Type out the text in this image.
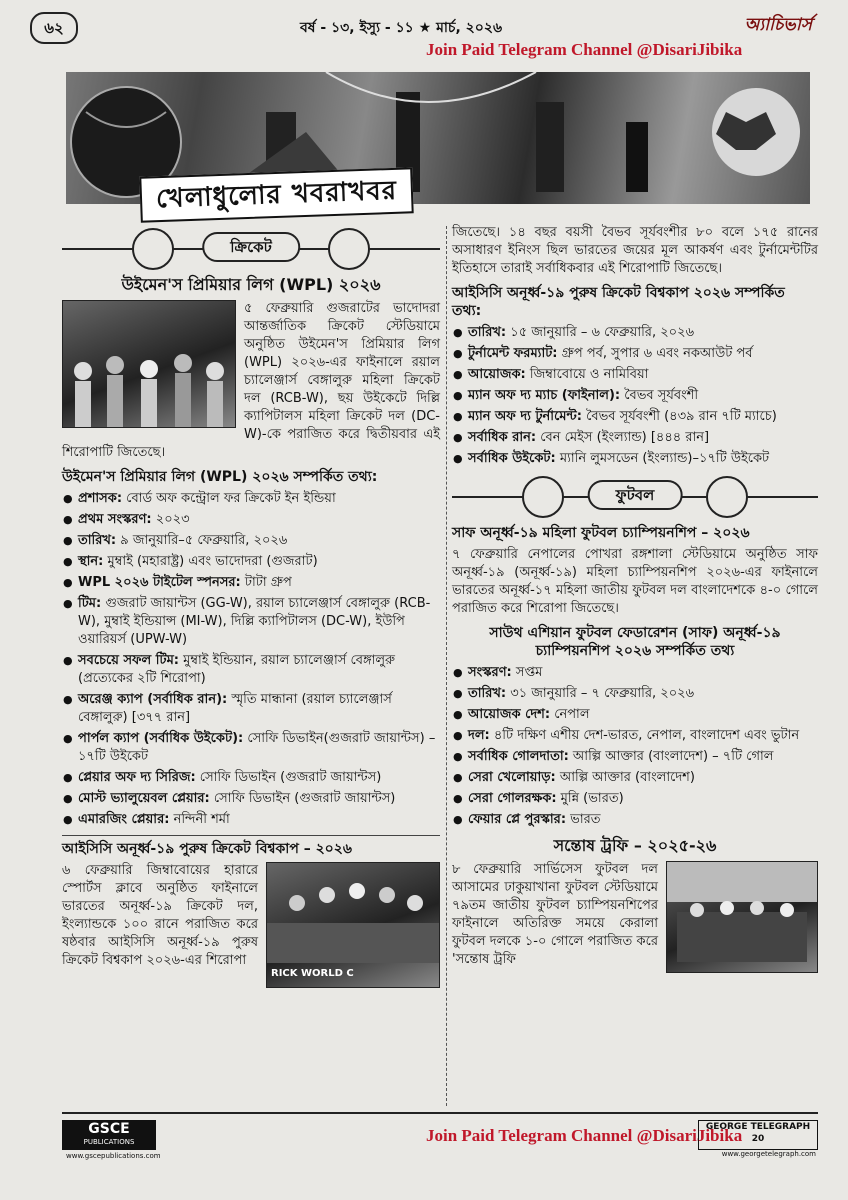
৬২	বর্ষ - ১৩, ইস্যু - ১১ ★ মার্চ, ২০২৬	অ্যাচিভার্স
Join Paid Telegram Channel @DisariJibika
খেলাধুলোর খবরাখবর
ক্রিকেট
উইমেন'স প্রিমিয়ার লিগ (WPL) ২০২৬

৫ ফেব্রুয়ারি গুজরাটের ভাদোদরা আন্তর্জাতিক ক্রিকেট স্টেডিয়ামে অনুষ্ঠিত উইমেন'স প্রিমিয়ার লিগ (WPL) ২০২৬-এর ফাইনালে রয়াল চ্যালেঞ্জার্স বেঙ্গালুরু মহিলা ক্রিকেট দল (RCB-W), ছয় উইকেটে দিল্লি ক্যাপিটালস মহিলা ক্রিকেট দল (DC-W)-কে পরাজিত করে দ্বিতীয়বার এই শিরোপাটি জিতেছে।

উইমেন'স প্রিমিয়ার লিগ (WPL) ২০২৬ সম্পর্কিত তথ্য:
● প্রশাসক: বোর্ড অফ কন্ট্রোল ফর ক্রিকেট ইন ইন্ডিয়া
● প্রথম সংস্করণ: ২০২৩
● তারিখ: ৯ জানুয়ারি–৫ ফেব্রুয়ারি, ২০২৬
● স্থান: মুম্বাই (মহারাষ্ট্র) এবং ভাদোদরা (গুজরাট)
● WPL ২০২৬ টাইটেল স্পনসর: টাটা গ্রুপ
● টিম: গুজরাট জায়ান্টস (GG-W), রয়াল চ্যালেঞ্জার্স বেঙ্গালুরু (RCB-W), মুম্বাই ইন্ডিয়ান্স (MI-W), দিল্লি ক্যাপিটালস (DC-W), ইউপি ওয়ারিয়র্স (UPW-W)
● সবচেয়ে সফল টিম: মুম্বাই ইন্ডিয়ান, রয়াল চ্যালেঞ্জার্স বেঙ্গালুরু (প্রত্যেকের ২টি শিরোপা)
● অরেঞ্জ ক্যাপ (সর্বাধিক রান): স্মৃতি মান্ধানা (রয়াল চ্যালেঞ্জার্স বেঙ্গালুরু) [৩৭৭ রান]
● পার্পল ক্যাপ (সর্বাধিক উইকেট): সোফি ডিভাইন(গুজরাট জায়ান্টস) – ১৭টি উইকেট
● প্লেয়ার অফ দ্য সিরিজ: সোফি ডিভাইন (গুজরাট জায়ান্টস)
● মোস্ট ভ্যালুয়েবল প্লেয়ার: সোফি ডিভাইন (গুজরাট জায়ান্টস)
● এমারজিং প্লেয়ার: নন্দিনী শর্মা
আইসিসি অনূর্ধ্ব-১৯ পুরুষ ক্রিকেট বিশ্বকাপ – ২০২৬
RICK WORLD C

৬ ফেব্রুয়ারি জিম্বাবোয়ের হারারে স্পোর্টস ক্লাবে অনুষ্ঠিত ফাইনালে ভারতের অনূর্ধ্ব-১৯ ক্রিকেট দল, ইংল্যান্ডকে ১০০ রানে পরাজিত করে ষষ্ঠবার আইসিসি অনূর্ধ্ব-১৯ পুরুষ ক্রিকেট বিশ্বকাপ ২০২৬-এর শিরোপা

জিতেছে। ১৪ বছর বয়সী বৈভব সূর্যবংশীর ৮০ বলে ১৭৫ রানের অসাধারণ ইনিংস ছিল ভারতের জয়ের মূল আকর্ষণ এবং টুর্নামেন্টটির ইতিহাসে তারাই সর্বাধিকবার এই শিরোপাটি জিতেছে।

আইসিসি অনূর্ধ্ব-১৯ পুরুষ ক্রিকেট বিশ্বকাপ ২০২৬ সম্পর্কিত তথ্য:
● তারিখ: ১৫ জানুয়ারি – ৬ ফেব্রুয়ারি, ২০২৬
● টুর্নামেন্ট ফরম্যাট: গ্রুপ পর্ব, সুপার ৬ এবং নকআউট পর্ব
● আয়োজক: জিম্বাবোয়ে ও নামিবিয়া
● ম্যান অফ দ্য ম্যাচ (ফাইনাল): বৈভব সূর্যবংশী
● ম্যান অফ দ্য টুর্নামেন্ট: বৈভব সূর্যবংশী (৪৩৯ রান ৭টি ম্যাচে)
● সর্বাধিক রান: বেন মেইস (ইংল্যান্ড) [৪৪৪ রান]
● সর্বাধিক উইকেট: ম্যানি লুমসডেন (ইংল্যান্ড)–১৭টি উইকেট
ফুটবল
সাফ অনূর্ধ্ব-১৯ মহিলা ফুটবল চ্যাম্পিয়নশিপ – ২০২৬

৭ ফেব্রুয়ারি নেপালের পোখরা রঙ্গশালা স্টেডিয়ামে অনুষ্ঠিত সাফ অনূর্ধ্ব-১৯ (অনূর্ধ্ব-১৯) মহিলা চ্যাম্পিয়নশিপ ২০২৬-এর ফাইনালে ভারতের অনূর্ধ্ব-১৭ মহিলা জাতীয় ফুটবল দল বাংলাদেশকে ৪-০ গোলে পরাজিত করে শিরোপা জিতেছে।

সাউথ এশিয়ান ফুটবল ফেডারেশন (সাফ) অনূর্ধ্ব-১৯ চ্যাম্পিয়নশিপ ২০২৬ সম্পর্কিত তথ্য
● সংস্করণ: সপ্তম
● তারিখ: ৩১ জানুয়ারি – ৭ ফেব্রুয়ারি, ২০২৬
● আয়োজক দেশ: নেপাল
● দল: ৪টি দক্ষিণ এশীয় দেশ-ভারত, নেপাল, বাংলাদেশ এবং ভুটান
● সর্বাধিক গোলদাতা: আল্পি আক্তার (বাংলাদেশ) – ৭টি গোল
● সেরা খেলোয়াড়: আল্পি আক্তার (বাংলাদেশ)
● সেরা গোলরক্ষক: মুন্নি (ভারত)
● ফেয়ার প্লে পুরস্কার: ভারত
সন্তোষ ট্রফি – ২০২৫-২৬

৮ ফেব্রুয়ারি সার্ভিসেস ফুটবল দল আসামের ঢাকুয়াখানা ফুটবল স্টেডিয়ামে ৭৯তম জাতীয় ফুটবল চ্যাম্পিয়নশিপের ফাইনালে অতিরিক্ত সময়ে কেরালা ফুটবল দলকে ১-০ গোলে পরাজিত করে 'সন্তোষ ট্রফি

GSCE
PUBLICATIONS
www.gscepublications.com
Join Paid Telegram Channel @DisariJibika
GEORGE TELEGRAPH
20
www.georgetelegraph.com
